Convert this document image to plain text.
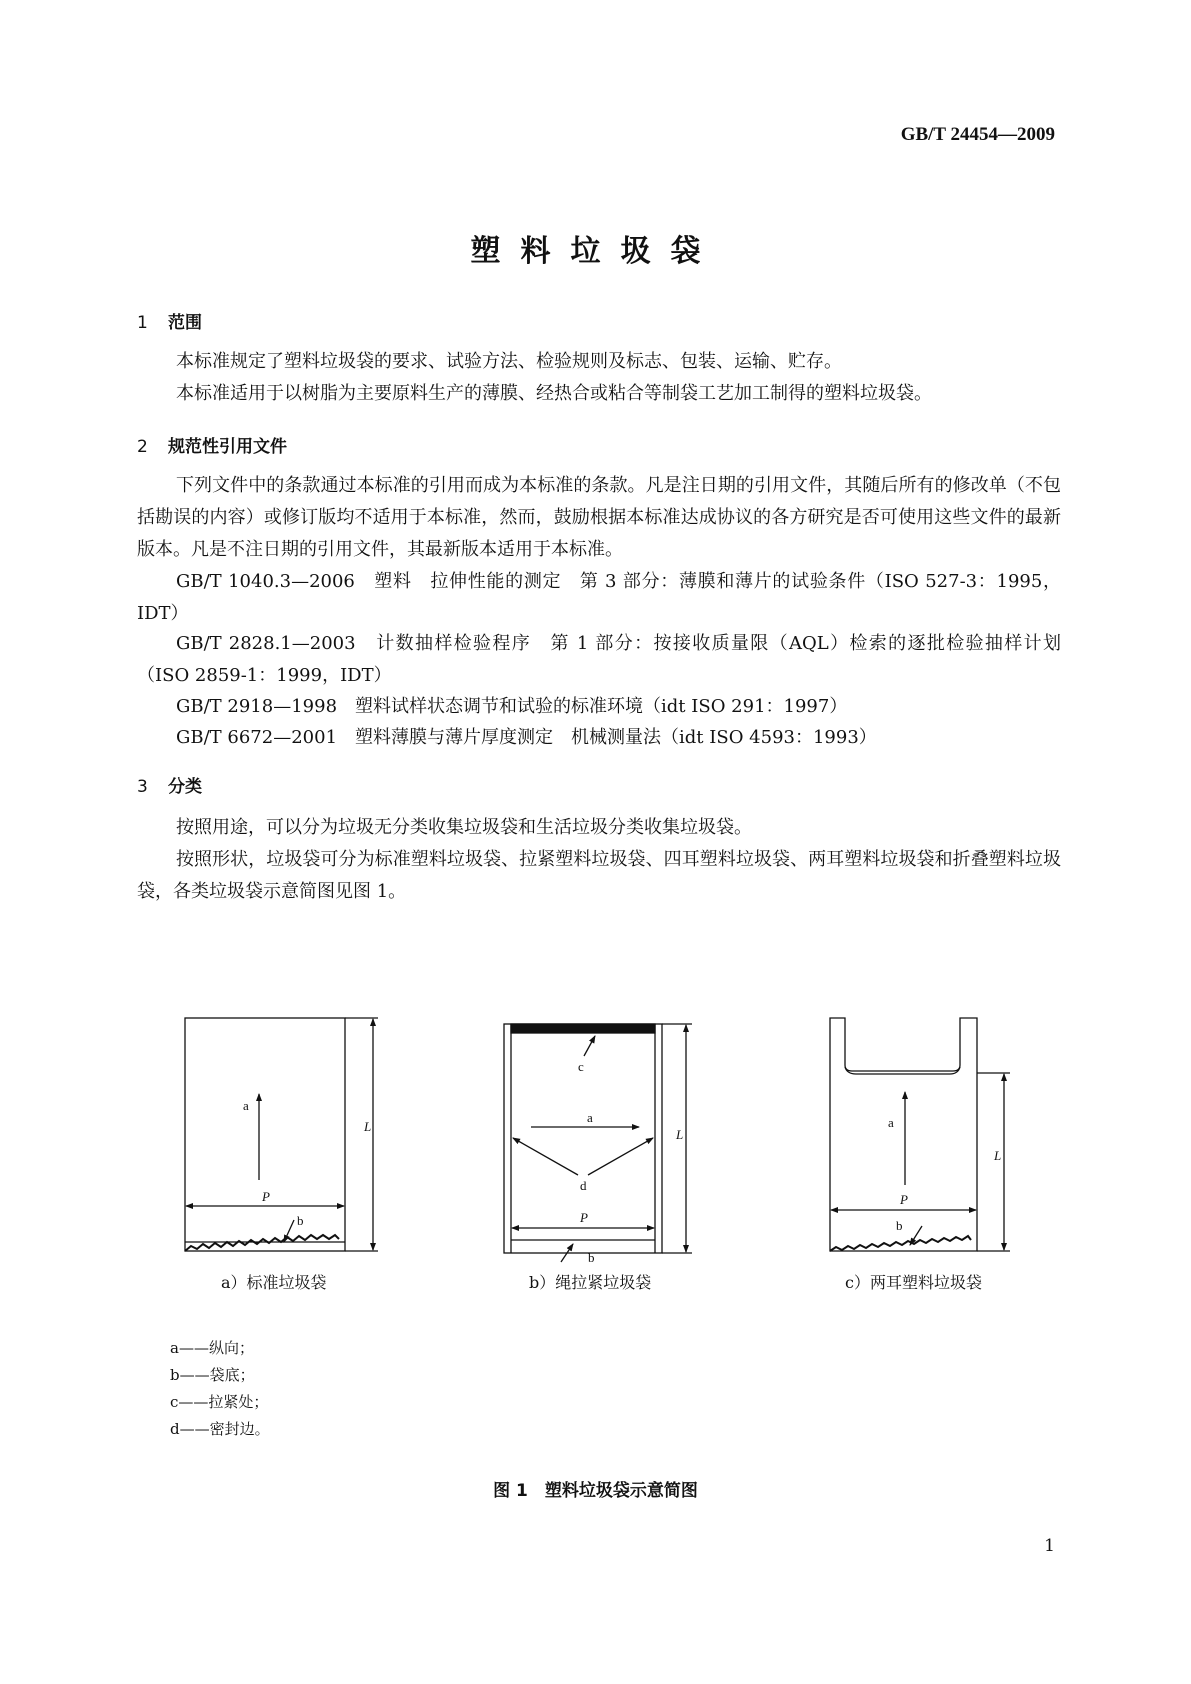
GB/T 24454—2009
塑料垃圾袋
1 范围
本标准规定了塑料垃圾袋的要求、试验方法、检验规则及标志、包装、运输、贮存。
本标准适用于以树脂为主要原料生产的薄膜、经热合或粘合等制袋工艺加工制得的塑料垃圾袋。
2 规范性引用文件
下列文件中的条款通过本标准的引用而成为本标准的条款。凡是注日期的引用文件，其随后所有的修改单（不包括勘误的内容）或修订版均不适用于本标准，然而，鼓励根据本标准达成协议的各方研究是否可使用这些文件的最新版本。凡是不注日期的引用文件，其最新版本适用于本标准。
GB/T 1040.3—2006　塑料　拉伸性能的测定　第 3 部分：薄膜和薄片的试验条件（ISO 527-3：1995，IDT）
GB/T 2828.1—2003　计数抽样检验程序　第 1 部分：按接收质量限（AQL）检索的逐批检验抽样计划（ISO 2859-1：1999，IDT）
GB/T 2918—1998　塑料试样状态调节和试验的标准环境（idt ISO 291：1997）
GB/T 6672—2001　塑料薄膜与薄片厚度测定　机械测量法（idt ISO 4593：1993）
3 分类
按照用途，可以分为垃圾无分类收集垃圾袋和生活垃圾分类收集垃圾袋。
按照形状，垃圾袋可分为标准塑料垃圾袋、拉紧塑料垃圾袋、四耳塑料垃圾袋、两耳塑料垃圾袋和折叠塑料垃圾袋，各类垃圾袋示意简图见图 1。
a
P
L
b
c
a
d
P
b
L
a
P
b
L
a）标准垃圾袋	b）绳拉紧垃圾袋	c）两耳塑料垃圾袋
a——纵向；
b——袋底；
c——拉紧处；
d——密封边。
图 1　塑料垃圾袋示意简图
1
